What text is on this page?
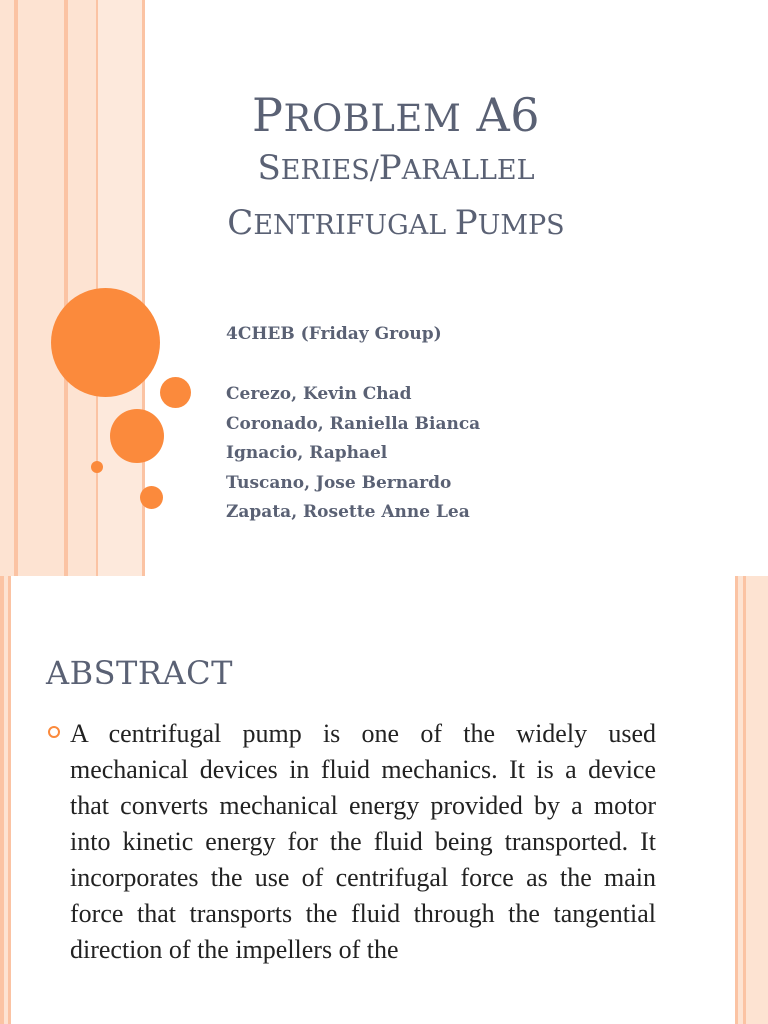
PROBLEM A6
SERIES/PARALLEL
CENTRIFUGAL PUMPS
4CHEB (Friday Group)
Cerezo, Kevin Chad
Coronado, Raniella Bianca
Ignacio, Raphael
Tuscano, Jose Bernardo
Zapata, Rosette Anne Lea
ABSTRACT

A centrifugal pump is one of the widely used mechanical devices in fluid mechanics. It is a device that converts mechanical energy provided by a motor into kinetic energy for the fluid being transported. It incorporates the use of centrifugal force as the main force that transports the fluid through the tangential direction of the impellers of the
